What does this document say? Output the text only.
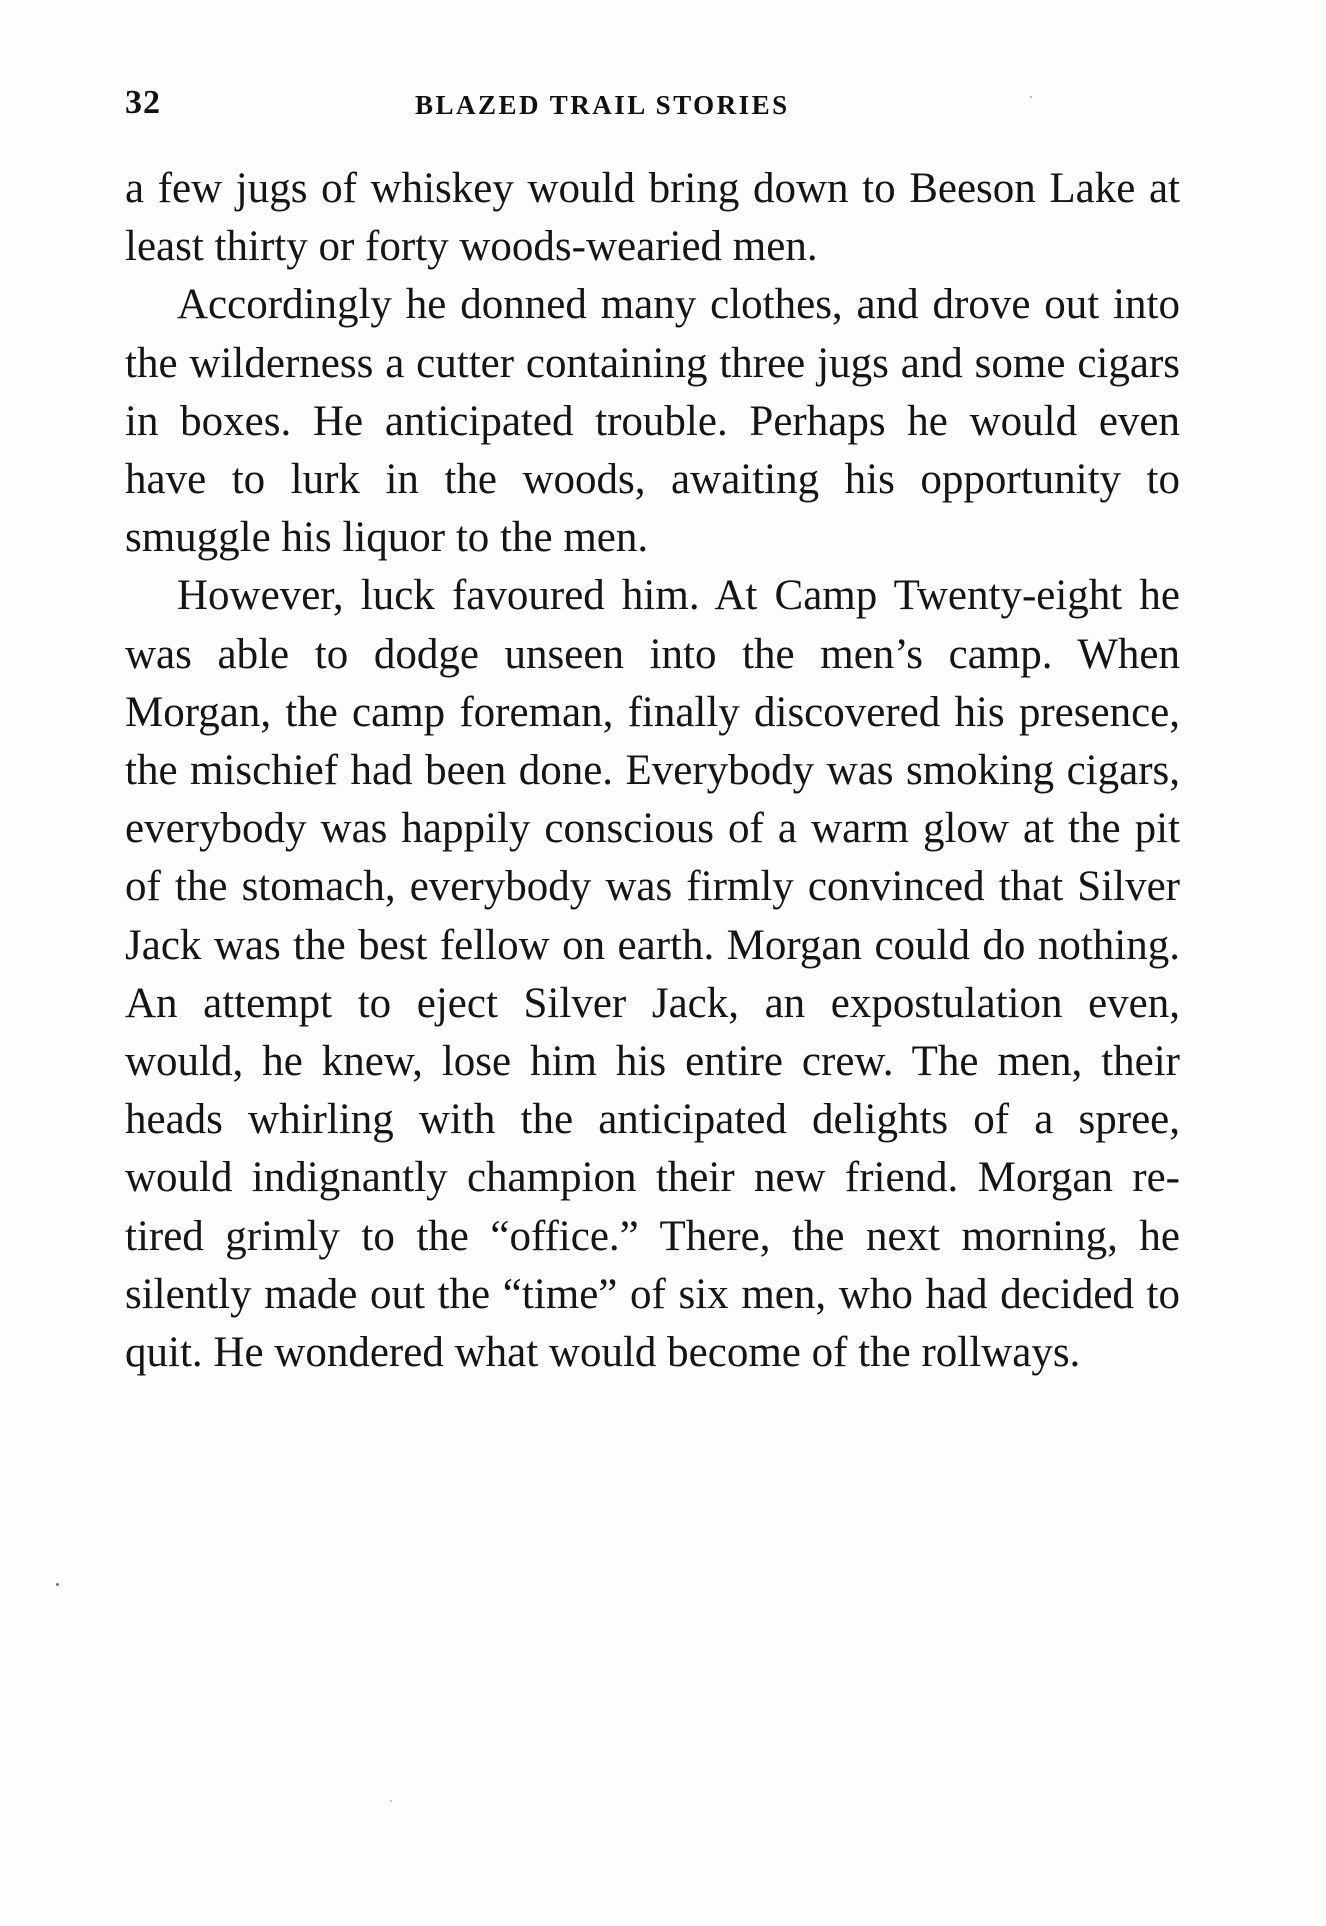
32	BLAZED TRAIL STORIES

a few jugs of whiskey would bring down to Beeson Lake at least thirty or forty woods-wearied men.

Accordingly he donned many clothes, and drove out into the wilderness a cutter containing three jugs and some cigars in boxes. He anticipated trouble. Perhaps he would even have to lurk in the woods, awaiting his opportunity to smuggle his liquor to the men.

However, luck favoured him. At Camp Twenty-eight he was able to dodge unseen into the men’s camp. When Morgan, the camp foreman, finally discovered his presence, the mischief had been done. Everybody was smoking cigars, everybody was happily conscious of a warm glow at the pit of the stomach, everybody was firmly convinced that Silver Jack was the best fellow on earth. Morgan could do nothing. An attempt to eject Silver Jack, an expostulation even, would, he knew, lose him his entire crew. The men, their heads whirling with the anticipated delights of a spree, would indignantly champion their new friend. Morgan retired grimly to the “office.” There, the next morning, he silently made out the “time” of six men, who had decided to quit. He wondered what would become of the rollways.
